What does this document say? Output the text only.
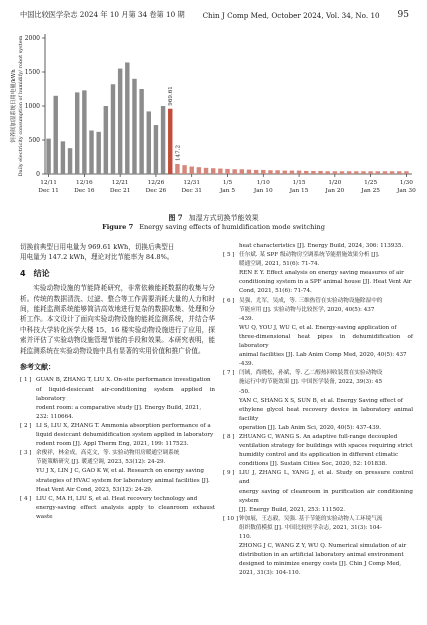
中国比较医学杂志 2024 年 10 月第 34 卷第 10 期 Chin J Comp Med, October 2024, Vol. 34, No. 10 95
0
500
1000
1500
2000
饲养间加湿系统日用电量/kWh Daily electricity consumption of humidify/ robot system	969.61
147.2
12/11
Dec 11
12/16
Dec 16
12/21
Dec 21
12/26
Dec 26
12/31
Dec 31
1/5
Jan 5
1/10
Jan 10
1/15
Jan 15
1/20
Jan 20
1/25
Jan 25
1/30
Jan 30
图 7 加湿方式切换节能效果
Figure 7 Energy saving effects of humidification mode switching

切换前典型日用电量为 969.61 kWh，切换后典型日

用电量为 147.2 kWh，理论对比节能率为 84.8%。

4　结论

实验动物设施的节能降耗研究，非常依赖能耗数据的收集与分析。传统的数据清洗、过滤、整合等工作需要消耗大量的人力和时间，能耗监测系统能够简洁高效地进行复杂的数据收集、处理和分析工作。本文设计了面向实验动物设施的能耗监测系统，并结合华中科技大学转化医学大楼 15、16 楼实验动物设施进行了应用，探索并评估了实验动物设施管理节能的手段和效果。本研究表明，能耗监测系统在实验动物设施中具有显著的实用价值和推广价值。

参考文献：
[ 1 ] GUAN B, ZHANG T, LIU X. On-site performance investigation
of liquid-desiccant air-conditioning system applied in laboratory
rodent room: a comparative study [J]. Energy Build, 2021,
232: 110664.
[ 2 ] LI S, LIU X, ZHANG T. Ammonia absorption performance of a
liquid desiccant dehumidification system applied in laboratory
rodent room [J]. Appl Therm Eng, 2021, 199: 117523.
[ 3 ] 余俊祥，林金成，高克文，等. 实验动物用房暖通空调系统
节能策略研究 [J]. 暖通空调, 2023, 53(12): 24-29.
YU J X, LIN J C, GAO K W, et al. Research on energy saving
strategies of HVAC system for laboratory animal facilities [J].
Heat Vent Air Cond, 2023, 53(12): 24-29.
[ 4 ] LIU C, MA H, LIU S, et al. Heat recovery technology and
energy-saving effect analysis apply to cleanroom exhaust waste
heat characteristics [J]. Energy Build, 2024, 306: 113935.
[ 5 ] 任尔斌. 某 SPF 级动物房空调系统节能措施效果分析 [J].
暖通空调, 2021, 51(6): 71-74.
REN E Y. Effect analysis on energy saving measures of air
conditioning system in a SPF animal house [J]. Heat Vent Air
Cond, 2021, 51(6): 71-74.
[ 6 ] 吴强，尤军，吴成，等. 三维热管在实验动物设施除湿中的
节能应用 [J]. 实验动物与比较医学, 2020, 40(5): 437
-439.
WU Q, YOU J, WU C, et al. Energy-saving application of
three-dimensional heat pipes in dehumidification of laboratory
animal facilities [J]. Lab Anim Comp Med, 2020, 40(5): 437
-439.
[ 7 ] 闫铖，尚晓松，孙斌，等. 乙二醇热回收装置在实验动物设
施运行中的节能效果 [J]. 中国医学装备, 2022, 39(3): 45
-50.
YAN C, SHANG X S, SUN B, et al. Energy Saving effect of
ethylene glycol heat recovery device in laboratory animal facility
operation [J]. Lab Anim Sci, 2020, 40(5): 437-439.
[ 8 ] ZHUANG C, WANG S. An adaptive full-range decoupled
ventilation strategy for buildings with spaces requiring strict
humidity control and its application in different climatic
conditions [J]. Sustain Cities Soc, 2020, 52: 101838.
[ 9 ] LIU J, ZHANG L, YANG J, et al. Study on pressure control and
energy saving of cleanroom in purification air conditioning system
[J]. Energy Build, 2021, 253: 111502.
[ 10 ] 钟加展，王志毅，吴强. 基于节能的实验动物人工环境气流
组织数值模拟 [J]. 中国比较医学杂志, 2021, 31(3): 104-
110.
ZHONG J C, WANG Z Y, WU Q. Numerical simulation of air
distribution in an artificial laboratory animal environment
designed to minimize energy costs [J]. Chin J Comp Med,
2021, 31(3): 104-110.
